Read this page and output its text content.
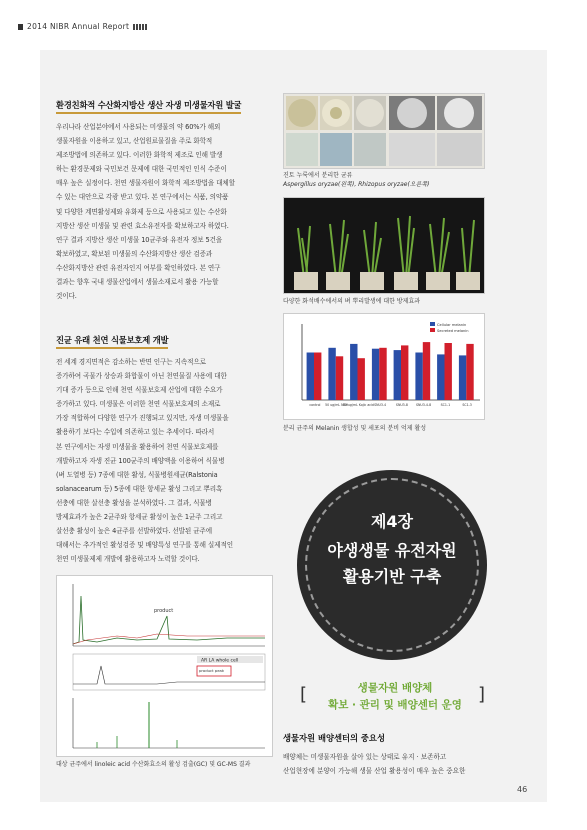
2014 NIBR Annual Report
환경친화적 수산화지방산 생산 자생 미생물자원 발굴
우리나라 산업분야에서 사용되는 미생물의 약 60%가 해외
생물자원을 이용하고 있고, 산업원료물질을 주로 화학적
제조방법에 의존하고 있다. 이러한 화학적 제조로 인해 발생
하는 환경문제와 국민보건 문제에 대한 국민적인 인식 수준이
매우 높은 실정이다. 천연 생물자원이 화학적 제조방법을 대체할
수 있는 대안으로 각광 받고 있다. 본 연구에서는 식품, 의약품
및 다양한 계면활성제와 유화제 등으로 사용되고 있는 수산화
지방산 생산 미생물 및 관련 효소유전자를 확보하고자 하였다.
연구 결과 지방산 생산 미생물 10균주와 유전자 정보 5건을
확보하였고, 확보된 미생물의 수산화지방산 생산 검증과
수산화지방산 관련 유전자인지 여부를 확인하였다. 본 연구
결과는 향후 국내 생물산업에서 생물소재로서 활용 가능할
것이다.
진균 유래 천연 식물보호제 개발
전 세계 경지면적은 감소하는 반면 인구는 지속적으로
증가하여 곡물가 상승과 화합물이 아닌 천연물질 사용에 대한
기대 증가 등으로 인해 천연 식물보호제 산업에 대한 수요가
증가하고 있다. 미생물은 이러한 천연 식물보호제의 소재로
가장 적합하여 다양한 연구가 진행되고 있지만, 자생 미생물을
활용하기 보다는 수입에 의존하고 있는 추세이다. 따라서
본 연구에서는 자생 미생물을 활용하여 천연 식물보호제를
개발하고자 자생 진균 100균주의 배양액을 이용하여 식물병
(벼 도열병 등) 7종에 대한 활성, 식물병원세균(Ralstonia
solanacearum 등) 5종에 대한 항세균 활성 그리고 뿌리혹
선충에 대한 살선충 활성을 분석하였다. 그 결과, 식물병
방제효과가 높은 2균주와 항세균 활성이 높은 1균주 그리고
살선충 활성이 높은 4균주를 선발하였다. 선발된 균주에
대해서는 추가적인 활성검증 및 배양특성 연구를 통해 실제적인
천연 미생물제제 개발에 활용하고자 노력할 것이다.
진토 누룩에서 분리한 균류
Aspergillus oryzae(왼쪽), Rhizopus oryzae(오른쪽)
다양한 화석배수에서의 벼 뿌리발생에 대한 방제효과
control 50 ug/mL NBH
50 ug/mL Kojic acid SNU3-4	SNU3-8	SNU3-4-8	SC1-1	SC1-3
Cellular melanin
Secreted melanin
분리 균주의 Melanin 생합성 및 세포의 분비 억제 활성
product
AR LA whole cell
product peak
대상 균주에서 linoleic acid 수산화효소의 활성 검출(GC) 및 GC-MS 결과
제4장
야생생물 유전자원
활용기반 구축
[	생물자원 배양체
확보 · 관리 및 배양센터 운영 ]
생물자원 배양센터의 중요성
배양체는 미생물자원을 살아 있는 상태로 유지 · 보존하고
산업현장에 분양이 가능해 생물 산업 활용성이 매우 높은 중요한
46
